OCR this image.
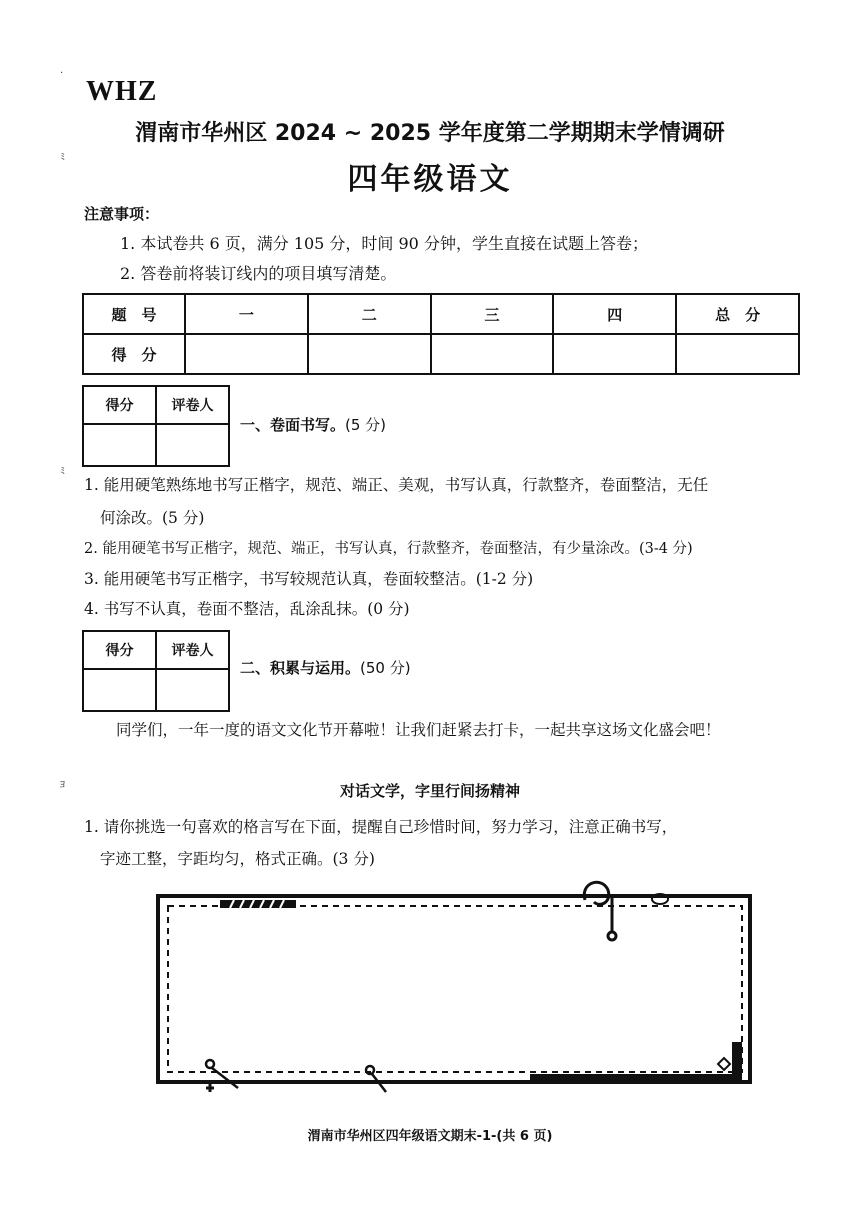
·
ﾐ
ﾐ
ﾖ
WHZ
渭南市华州区 2024 ~ 2025 学年度第二学期期末学情调研
四年级语文
注意事项：
1. 本试卷共 6 页，满分 105 分，时间 90 分钟，学生直接在试题上答卷；
2. 答卷前将装订线内的项目填写清楚。
题　号	一	二	三	四	总　分
得　分					
得分	评卷人

一、卷面书写。(5 分)
1. 能用硬笔熟练地书写正楷字，规范、端正、美观，书写认真，行款整齐，卷面整洁，无任
何涂改。(5 分)
2. 能用硬笔书写正楷字，规范、端正，书写认真，行款整齐，卷面整洁，有少量涂改。(3-4 分)
3. 能用硬笔书写正楷字，书写较规范认真，卷面较整洁。(1-2 分)
4. 书写不认真，卷面不整洁，乱涂乱抹。(0 分)
得分	评卷人

二、积累与运用。(50 分)
同学们，一年一度的语文文化节开幕啦！让我们赶紧去打卡，一起共享这场文化盛会吧！
对话文学，字里行间扬精神
1. 请你挑选一句喜欢的格言写在下面，提醒自己珍惜时间，努力学习，注意正确书写，
字迹工整，字距均匀，格式正确。(3 分)
渭南市华州区四年级语文期末-1-(共 6 页)
